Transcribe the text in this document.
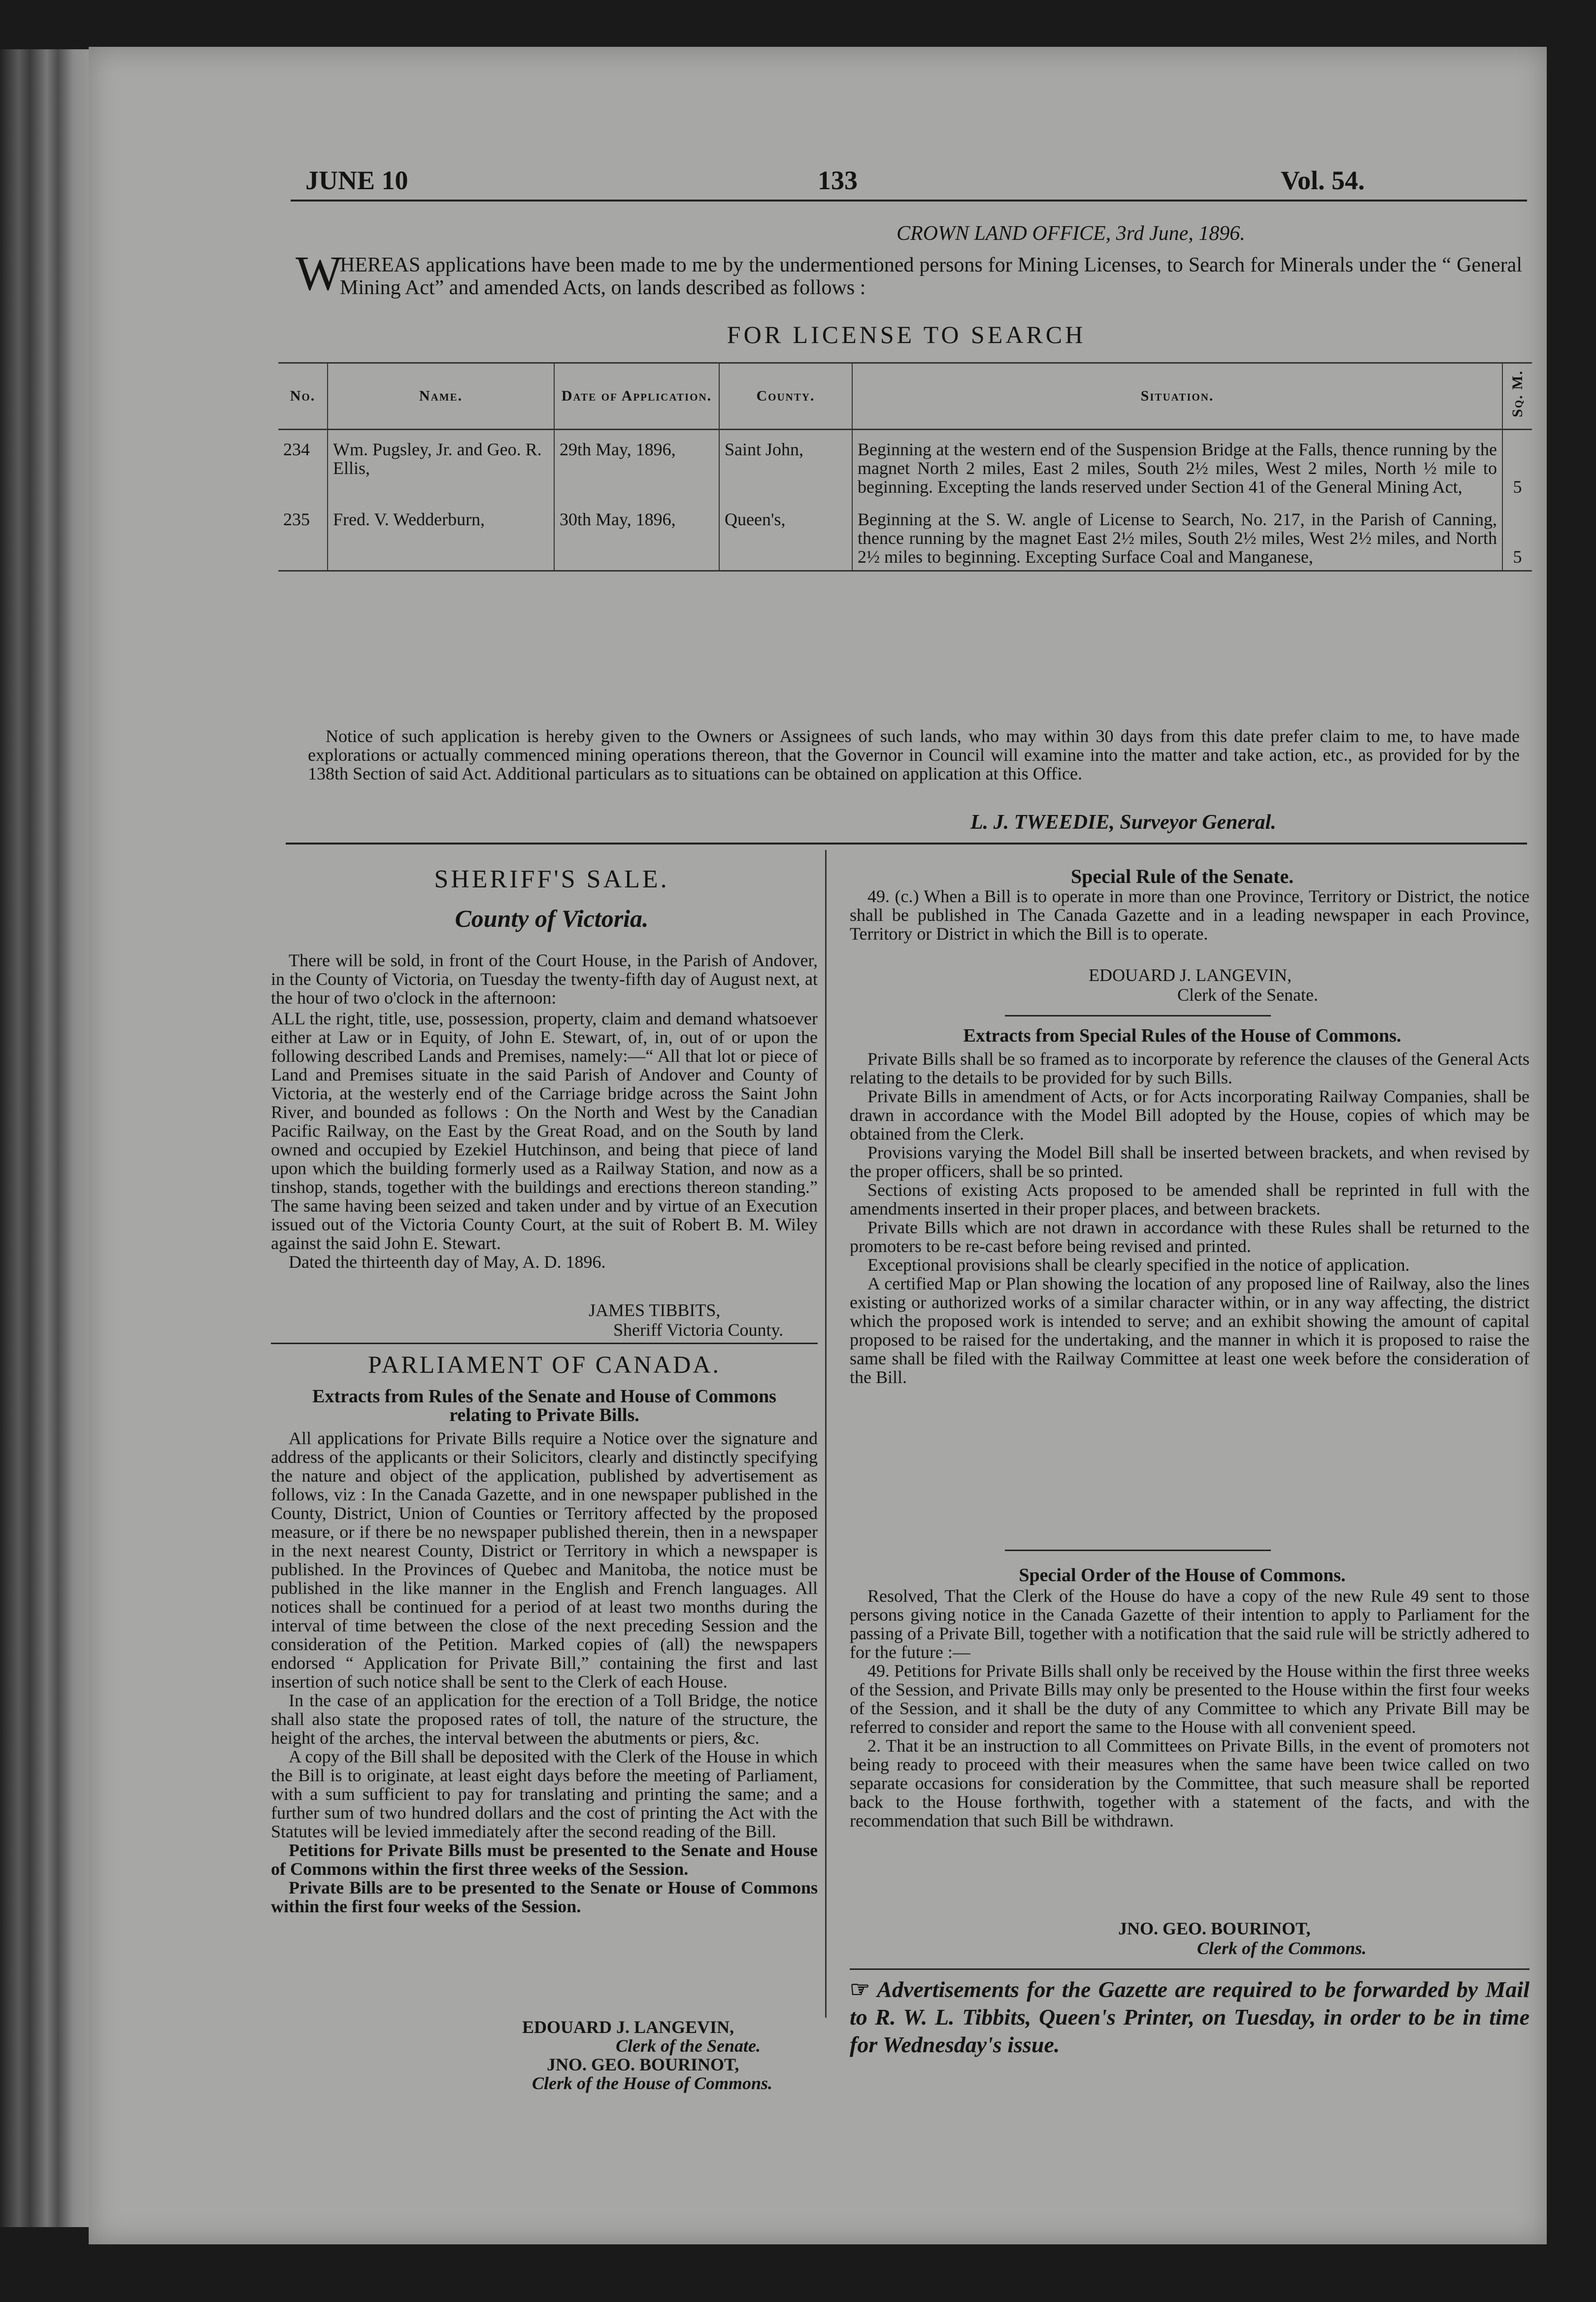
JUNE 10	133	Vol. 54.
CROWN LAND OFFICE, 3rd June, 1896.
W
HEREAS applications have been made to me by the undermentioned persons for Mining Licenses, to Search for Minerals under the “ General Mining Act” and amended Acts, on lands described as follows :
FOR LICENSE TO SEARCH
No.	Name.	Date of Application.	County.	Situation.	Sq. M.
234	Wm. Pugsley, Jr. and Geo. R. Ellis,	29th May, 1896,	Saint John,	Beginning at the western end of the Suspension Bridge at the Falls, thence running by the magnet North 2 miles, East 2 miles, South 2½ miles, West 2 miles, North ½ mile to beginning. Excepting the lands reserved under Section 41 of the General Mining Act,	5
235	Fred. V. Wedderburn,	30th May, 1896,	Queen's,	Beginning at the S. W. angle of License to Search, No. 217, in the Parish of Canning, thence running by the magnet East 2½ miles, South 2½ miles, West 2½ miles, and North 2½ miles to beginning. Excepting Surface Coal and Manganese,	5

Notice of such application is hereby given to the Owners or Assignees of such lands, who may within 30 days from this date prefer claim to me, to have made explorations or actually commenced mining operations thereon, that the Governor in Council will examine into the matter and take action, etc., as provided for by the 138th Section of said Act. Additional particulars as to situations can be obtained on application at this Office.

L. J. TWEEDIE, Surveyor General.
SHERIFF'S SALE.
County of Victoria.

There will be sold, in front of the Court House, in the Parish of Andover, in the County of Victoria, on Tuesday the twenty-fifth day of August next, at the hour of two o'clock in the afternoon:

ALL the right, title, use, possession, property, claim and demand whatsoever either at Law or in Equity, of John E. Stewart, of, in, out of or upon the following described Lands and Premises, namely:—“ All that lot or piece of Land and Premises situate in the said Parish of Andover and County of Victoria, at the westerly end of the Carriage bridge across the Saint John River, and bounded as follows : On the North and West by the Canadian Pacific Railway, on the East by the Great Road, and on the South by land owned and occupied by Ezekiel Hutchinson, and being that piece of land upon which the building formerly used as a Railway Station, and now as a tinshop, stands, together with the buildings and erections thereon standing.” The same having been seized and taken under and by virtue of an Execution issued out of the Victoria County Court, at the suit of Robert B. M. Wiley against the said John E. Stewart.

Dated the thirteenth day of May, A. D. 1896.

JAMES TIBBITS,
Sheriff Victoria County.
PARLIAMENT OF CANADA.
Extracts from Rules of the Senate and House of Commons relating to Private Bills.

All applications for Private Bills require a Notice over the signature and address of the applicants or their Solicitors, clearly and distinctly specifying the nature and object of the application, published by advertisement as follows, viz : In the Canada Gazette, and in one newspaper published in the County, District, Union of Counties or Territory affected by the proposed measure, or if there be no newspaper published therein, then in a newspaper in the next nearest County, District or Territory in which a newspaper is published. In the Provinces of Quebec and Manitoba, the notice must be published in the like manner in the English and French languages. All notices shall be continued for a period of at least two months during the interval of time between the close of the next preceding Session and the consideration of the Petition. Marked copies of (all) the newspapers endorsed “ Application for Private Bill,” containing the first and last insertion of such notice shall be sent to the Clerk of each House.

In the case of an application for the erection of a Toll Bridge, the notice shall also state the proposed rates of toll, the nature of the structure, the height of the arches, the interval between the abutments or piers, &c.

A copy of the Bill shall be deposited with the Clerk of the House in which the Bill is to originate, at least eight days before the meeting of Parliament, with a sum sufficient to pay for translating and printing the same; and a further sum of two hundred dollars and the cost of printing the Act with the Statutes will be levied immediately after the second reading of the Bill.

Petitions for Private Bills must be presented to the Senate and House of Commons within the first three weeks of the Session.

Private Bills are to be presented to the Senate or House of Commons within the first four weeks of the Session.

EDOUARD J. LANGEVIN,
Clerk of the Senate.
JNO. GEO. BOURINOT,
Clerk of the House of Commons.
Special Rule of the Senate.

49. (c.) When a Bill is to operate in more than one Province, Territory or District, the notice shall be published in The Canada Gazette and in a leading newspaper in each Province, Territory or District in which the Bill is to operate.

EDOUARD J. LANGEVIN,
Clerk of the Senate.
Extracts from Special Rules of the House of Commons.

Private Bills shall be so framed as to incorporate by reference the clauses of the General Acts relating to the details to be provided for by such Bills.

Private Bills in amendment of Acts, or for Acts incorporating Railway Companies, shall be drawn in accordance with the Model Bill adopted by the House, copies of which may be obtained from the Clerk.

Provisions varying the Model Bill shall be inserted between brackets, and when revised by the proper officers, shall be so printed.

Sections of existing Acts proposed to be amended shall be reprinted in full with the amendments inserted in their proper places, and between brackets.

Private Bills which are not drawn in accordance with these Rules shall be returned to the promoters to be re-cast before being revised and printed.

Exceptional provisions shall be clearly specified in the notice of application.

A certified Map or Plan showing the location of any proposed line of Railway, also the lines existing or authorized works of a similar character within, or in any way affecting, the district which the proposed work is intended to serve; and an exhibit showing the amount of capital proposed to be raised for the undertaking, and the manner in which it is proposed to raise the same shall be filed with the Railway Committee at least one week before the consideration of the Bill.

Special Order of the House of Commons.

Resolved, That the Clerk of the House do have a copy of the new Rule 49 sent to those persons giving notice in the Canada Gazette of their intention to apply to Parliament for the passing of a Private Bill, together with a notification that the said rule will be strictly adhered to for the future :—

49. Petitions for Private Bills shall only be received by the House within the first three weeks of the Session, and Private Bills may only be presented to the House within the first four weeks of the Session, and it shall be the duty of any Committee to which any Private Bill may be referred to consider and report the same to the House with all convenient speed.

2. That it be an instruction to all Committees on Private Bills, in the event of promoters not being ready to proceed with their measures when the same have been twice called on two separate occasions for consideration by the Committee, that such measure shall be reported back to the House forthwith, together with a statement of the facts, and with the recommendation that such Bill be withdrawn.

JNO. GEO. BOURINOT,
Clerk of the Commons.
☞ Advertisements for the Gazette are required to be forwarded by Mail to R. W. L. Tibbits, Queen's Printer, on Tuesday, in order to be in time for Wednesday's issue.
